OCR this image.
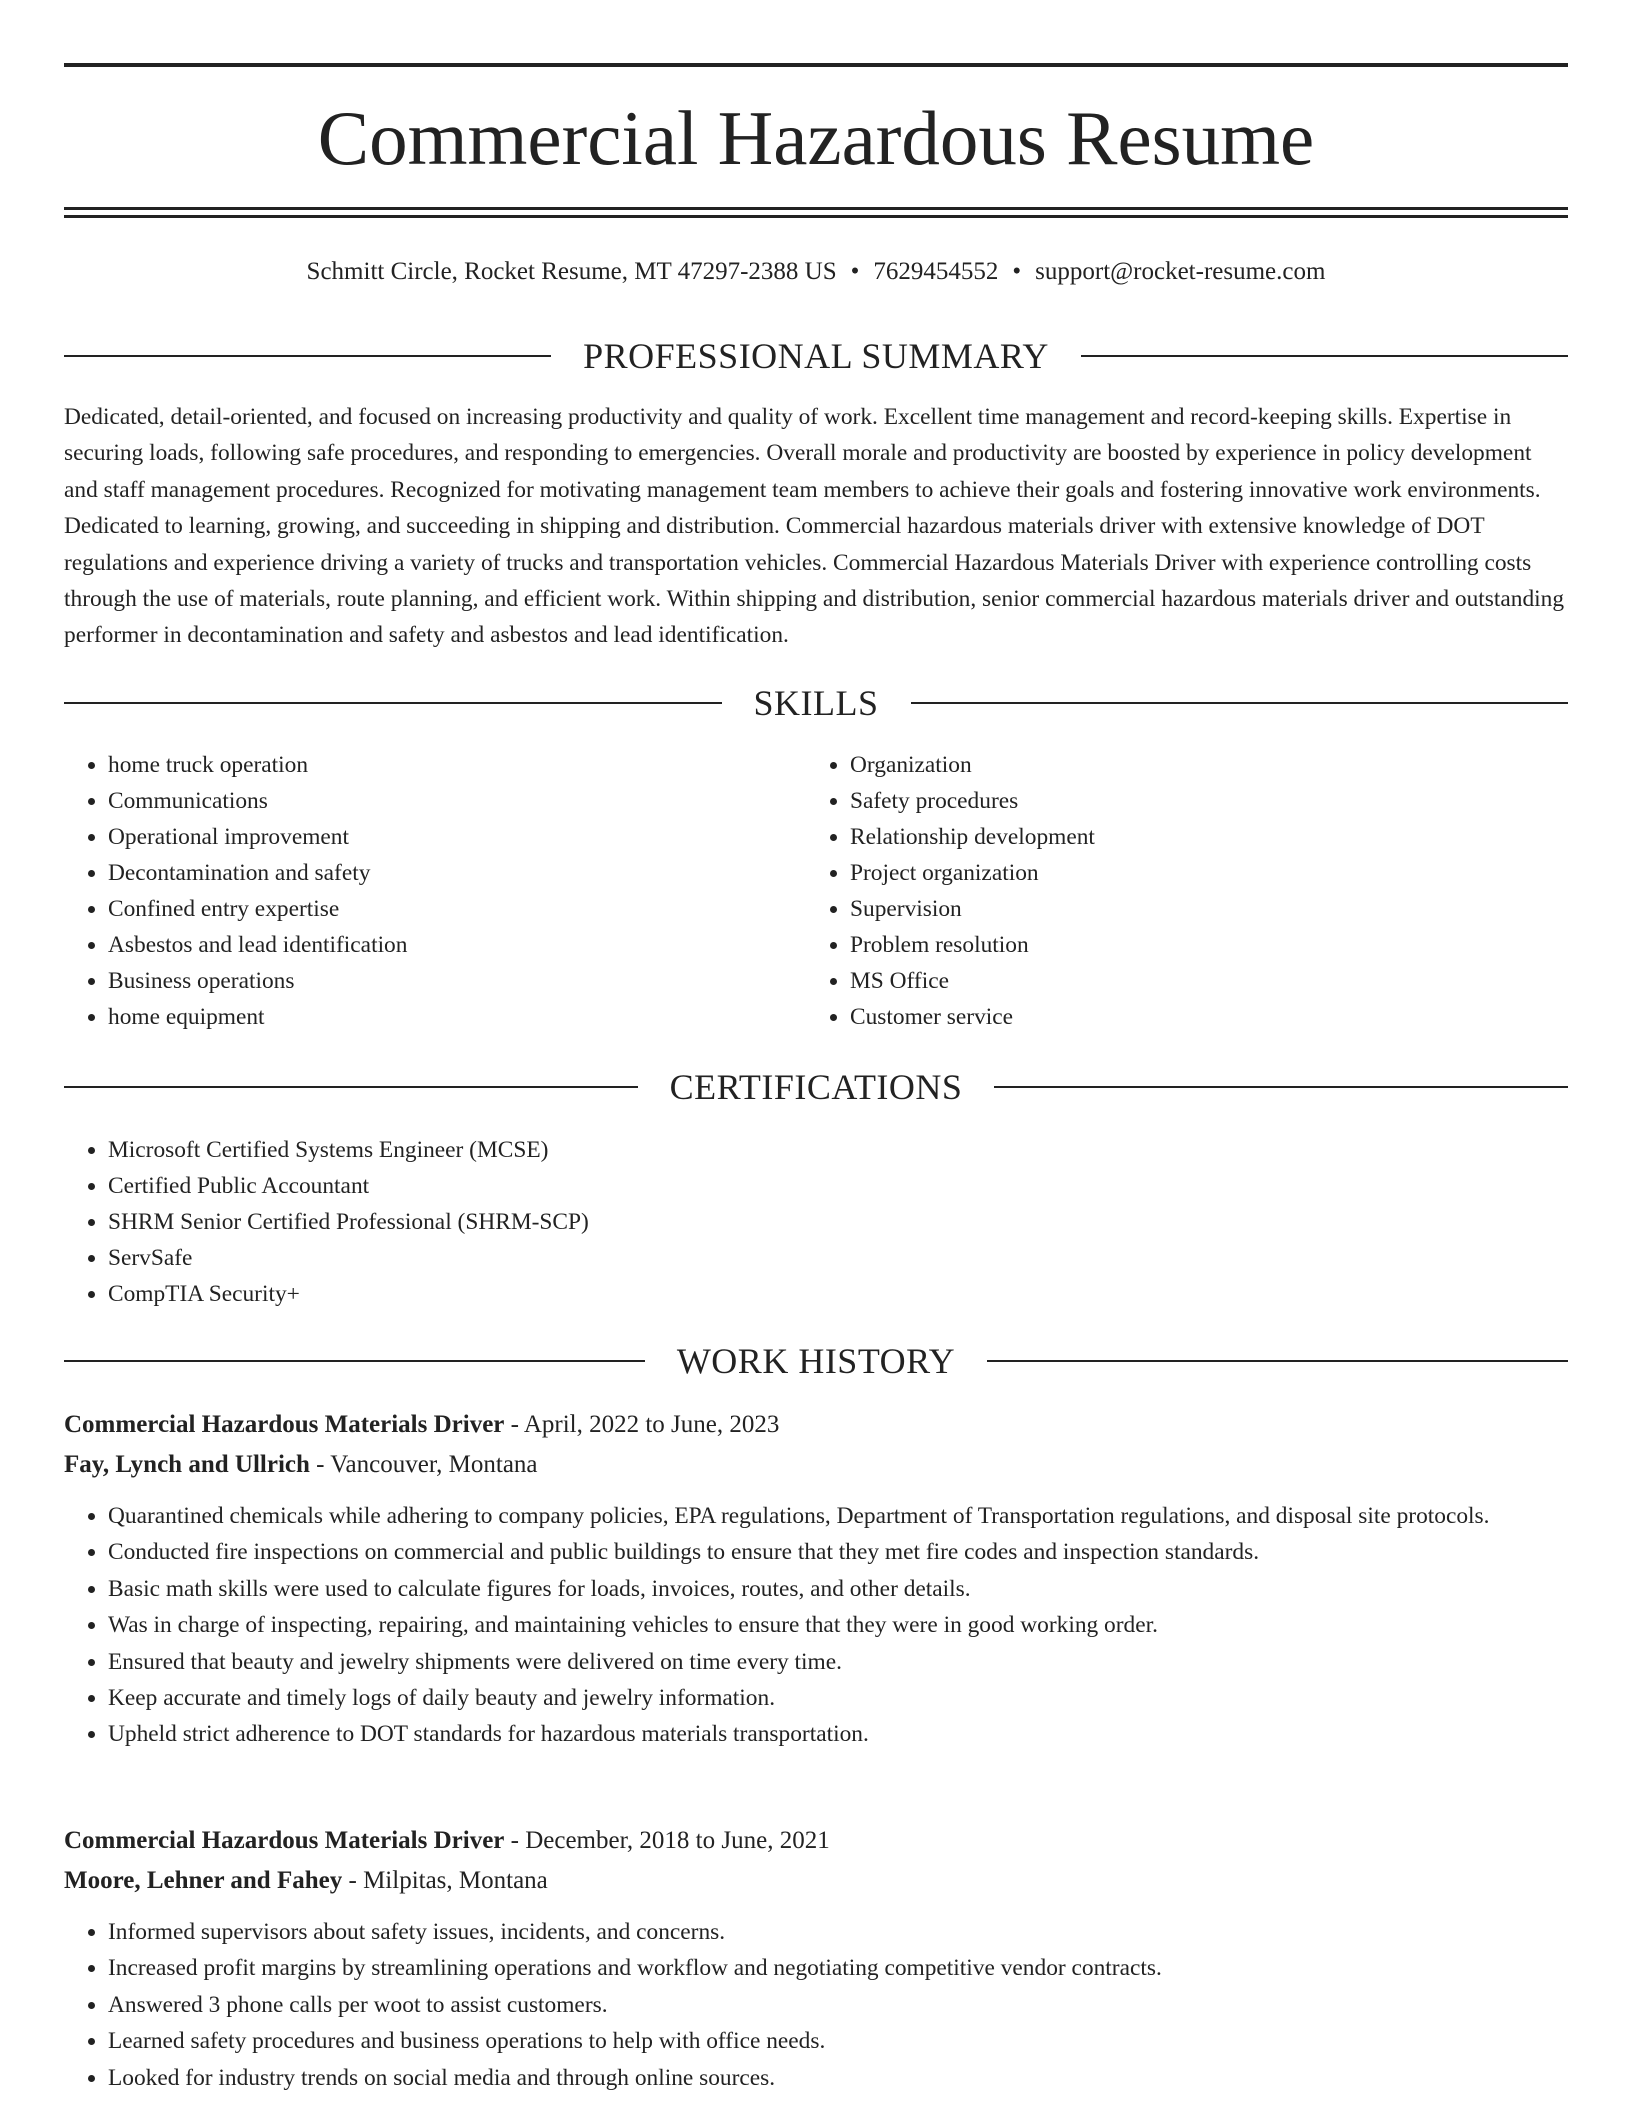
Commercial Hazardous Resume
Schmitt Circle, Rocket Resume, MT 47297-2388 US • 7629454552 • support@rocket-resume.com
PROFESSIONAL SUMMARY

Dedicated, detail-oriented, and focused on increasing productivity and quality of work. Excellent time management and record-keeping skills. Expertise in securing loads, following safe procedures, and responding to emergencies. Overall morale and productivity are boosted by experience in policy development and staff management procedures. Recognized for motivating management team members to achieve their goals and fostering innovative work environments. Dedicated to learning, growing, and succeeding in shipping and distribution. Commercial hazardous materials driver with extensive knowledge of DOT regulations and experience driving a variety of trucks and transportation vehicles. Commercial Hazardous Materials Driver with experience controlling costs through the use of materials, route planning, and efficient work. Within shipping and distribution, senior commercial hazardous materials driver and outstanding performer in decontamination and safety and asbestos and lead identification.

SKILLS
• home truck operation
• Communications
• Operational improvement
• Decontamination and safety
• Confined entry expertise
• Asbestos and lead identification
• Business operations
• home equipment
• Organization
• Safety procedures
• Relationship development
• Project organization
• Supervision
• Problem resolution
• MS Office
• Customer service
CERTIFICATIONS
• Microsoft Certified Systems Engineer (MCSE)
• Certified Public Accountant
• SHRM Senior Certified Professional (SHRM-SCP)
• ServSafe
• CompTIA Security+
WORK HISTORY
Commercial Hazardous Materials Driver - April, 2022 to June, 2023
Fay, Lynch and Ullrich - Vancouver, Montana
• Quarantined chemicals while adhering to company policies, EPA regulations, Department of Transportation regulations, and disposal site protocols.
• Conducted fire inspections on commercial and public buildings to ensure that they met fire codes and inspection standards.
• Basic math skills were used to calculate figures for loads, invoices, routes, and other details.
• Was in charge of inspecting, repairing, and maintaining vehicles to ensure that they were in good working order.
• Ensured that beauty and jewelry shipments were delivered on time every time.
• Keep accurate and timely logs of daily beauty and jewelry information.
• Upheld strict adherence to DOT standards for hazardous materials transportation.
Commercial Hazardous Materials Driver - December, 2018 to June, 2021
Moore, Lehner and Fahey - Milpitas, Montana
• Informed supervisors about safety issues, incidents, and concerns.
• Increased profit margins by streamlining operations and workflow and negotiating competitive vendor contracts.
• Answered 3 phone calls per woot to assist customers.
• Learned safety procedures and business operations to help with office needs.
• Looked for industry trends on social media and through online sources.
